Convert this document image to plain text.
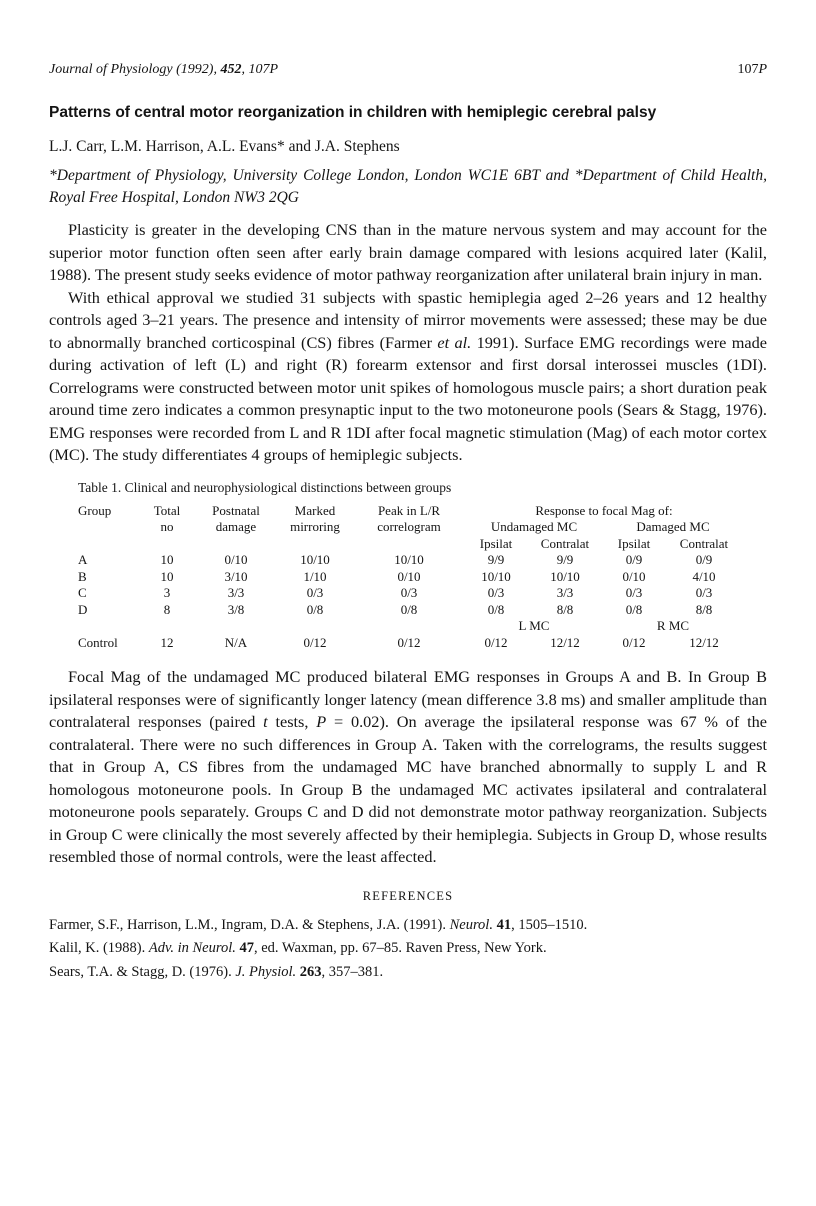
Journal of Physiology (1992), 452, 107P	107P
Patterns of central motor reorganization in children with hemiplegic cerebral palsy

L.J. Carr, L.M. Harrison, A.L. Evans* and J.A. Stephens

*Department of Physiology, University College London, London WC1E 6BT and *Department of Child Health, Royal Free Hospital, London NW3 2QG

Plasticity is greater in the developing CNS than in the mature nervous system and may account for the superior motor function often seen after early brain damage compared with lesions acquired later (Kalil, 1988). The present study seeks evidence of motor pathway reorganization after unilateral brain injury in man.

With ethical approval we studied 31 subjects with spastic hemiplegia aged 2–26 years and 12 healthy controls aged 3–21 years. The presence and intensity of mirror movements were assessed; these may be due to abnormally branched corticospinal (CS) fibres (Farmer et al. 1991). Surface EMG recordings were made during activation of left (L) and right (R) forearm extensor and first dorsal interossei muscles (1DI). Correlograms were constructed between motor unit spikes of homologous muscle pairs; a short duration peak around time zero indicates a common presynaptic input to the two motoneurone pools (Sears & Stagg, 1976). EMG responses were recorded from L and R 1DI after focal magnetic stimulation (Mag) of each motor cortex (MC). The study differentiates 4 groups of hemiplegic subjects.

Table 1. Clinical and neurophysiological distinctions between groups
Group	Total	Postnatal	Marked	Peak in L/R	Response to focal Mag of:			
	no	damage	mirroring	correlogram	Undamaged MC		Damaged MC	
					Ipsilat	Contralat	Ipsilat	Contralat
A	10	0/10	10/10	10/10	9/9	9/9	0/9	0/9
B	10	3/10	1/10	0/10	10/10	10/10	0/10	4/10
C	3	3/3	0/3	0/3	0/3	3/3	0/3	0/3
D	8	3/8	0/8	0/8	0/8	8/8	0/8	8/8
					L MC		R MC	
Control	12	N/A	0/12	0/12	0/12	12/12	0/12	12/12

Focal Mag of the undamaged MC produced bilateral EMG responses in Groups A and B. In Group B ipsilateral responses were of significantly longer latency (mean difference 3.8 ms) and smaller amplitude than contralateral responses (paired t tests, P = 0.02). On average the ipsilateral response was 67 % of the contralateral. There were no such differences in Group A. Taken with the correlograms, the results suggest that in Group A, CS fibres from the undamaged MC have branched abnormally to supply L and R homologous motoneurone pools. In Group B the undamaged MC activates ipsilateral and contralateral motoneurone pools separately. Groups C and D did not demonstrate motor pathway reorganization. Subjects in Group C were clinically the most severely affected by their hemiplegia. Subjects in Group D, whose results resembled those of normal controls, were the least affected.

REFERENCES

Farmer, S.F., Harrison, L.M., Ingram, D.A. & Stephens, J.A. (1991). Neurol. 41, 1505–1510.

Kalil, K. (1988). Adv. in Neurol. 47, ed. Waxman, pp. 67–85. Raven Press, New York.

Sears, T.A. & Stagg, D. (1976). J. Physiol. 263, 357–381.
